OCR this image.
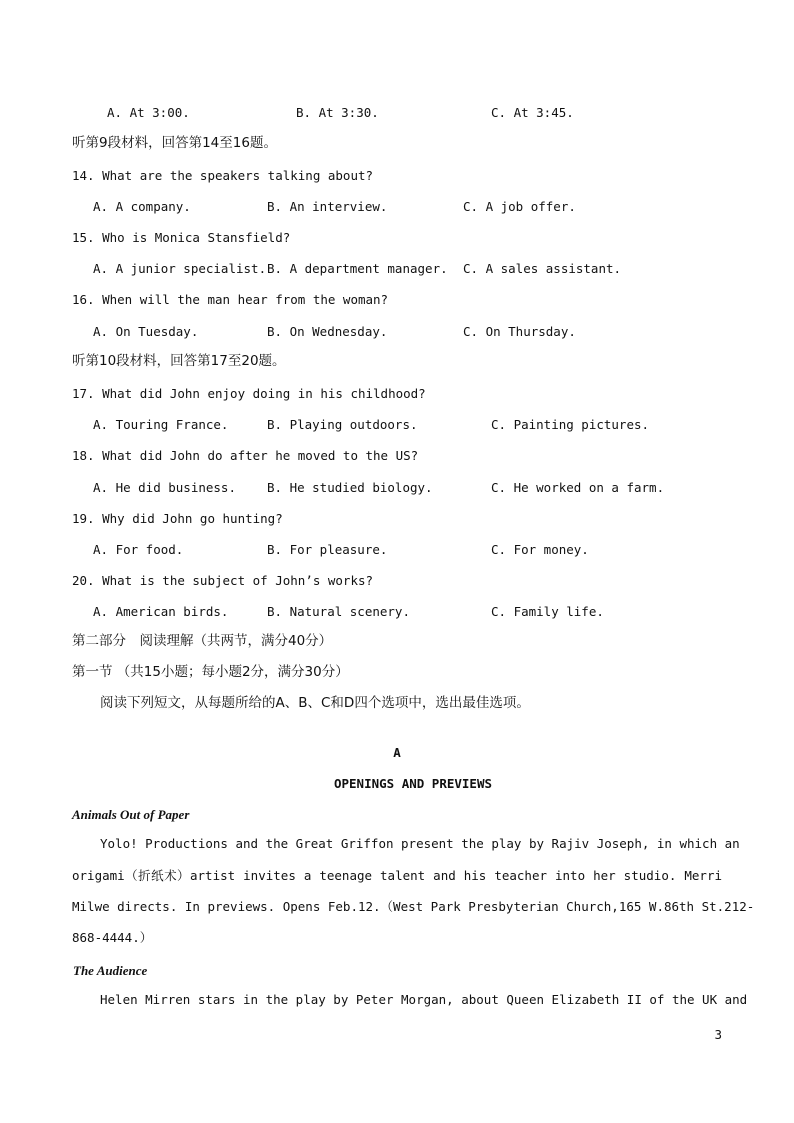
A. At 3:00.	B. At 3:30.	C. At 3:45.
听第9段材料，回答第14至16题。
14. What are the speakers talking about?
A. A company.	B. An interview.	C. A job offer.
15. Who is Monica Stansfield?
A. A junior specialist. B. A department manager. C. A sales assistant.
16. When will the man hear from the woman?
A. On Tuesday.	B. On Wednesday.	C. On Thursday.
听第10段材料，回答第17至20题。
17. What did John enjoy doing in his childhood?
A. Touring France.	B. Playing outdoors.	C. Painting pictures.
18. What did John do after he moved to the US?
A. He did business. B. He studied biology.	C. He worked on a farm.
19. Why did John go hunting?
A. For food.	B. For pleasure.	C. For money.
20. What is the subject of John’s works?
A. American birds.	B. Natural scenery.	C. Family life.
第二部分　阅读理解（共两节，满分40分）
第一节 （共15小题；每小题2分，满分30分）
阅读下列短文，从每题所给的A、B、C和D四个选项中，选出最佳选项。
A
OPENINGS AND PREVIEWS
Animals Out of Paper
Yolo! Productions and the Great Griffon present the play by Rajiv Joseph, in which an
origami（折纸术）artist invites a teenage talent and his teacher into her studio. Merri
Milwe directs. In previews. Opens Feb.12.（West Park Presbyterian Church,165 W.86th St.212-
868-4444.）
The Audience
Helen Mirren stars in the play by Peter Morgan, about Queen Elizabeth II of the UK and
3
